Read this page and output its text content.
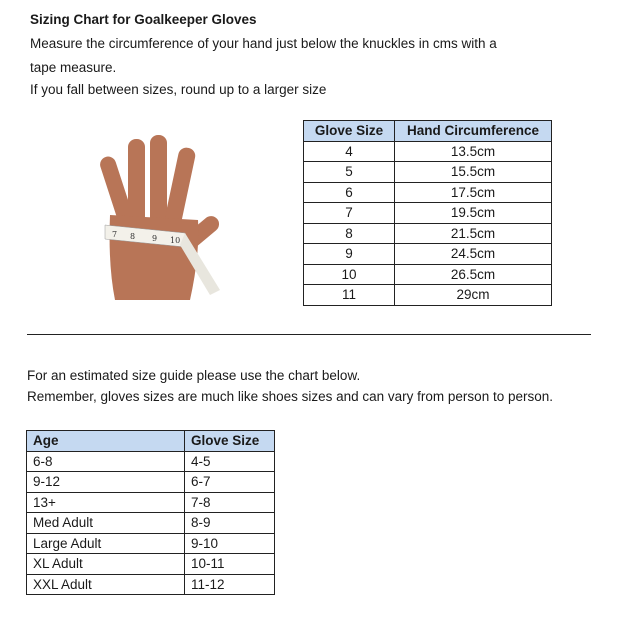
Sizing Chart for Goalkeeper Gloves
Measure the circumference of your hand just below the knuckles in cms with a
tape measure.
If you fall between sizes, round up to a larger size
7 8 9 10
Glove Size	Hand Circumference
4	13.5cm
5	15.5cm
6	17.5cm
7	19.5cm
8	21.5cm
9	24.5cm
10	26.5cm
11	29cm
For an estimated size guide please use the chart below.
Remember, gloves sizes are much like shoes sizes and can vary from person to person.
Age	Glove Size
6-8	4-5
9-12	6-7
13+	7-8
Med Adult	8-9
Large Adult	9-10
XL Adult	10-11
XXL Adult	11-12
